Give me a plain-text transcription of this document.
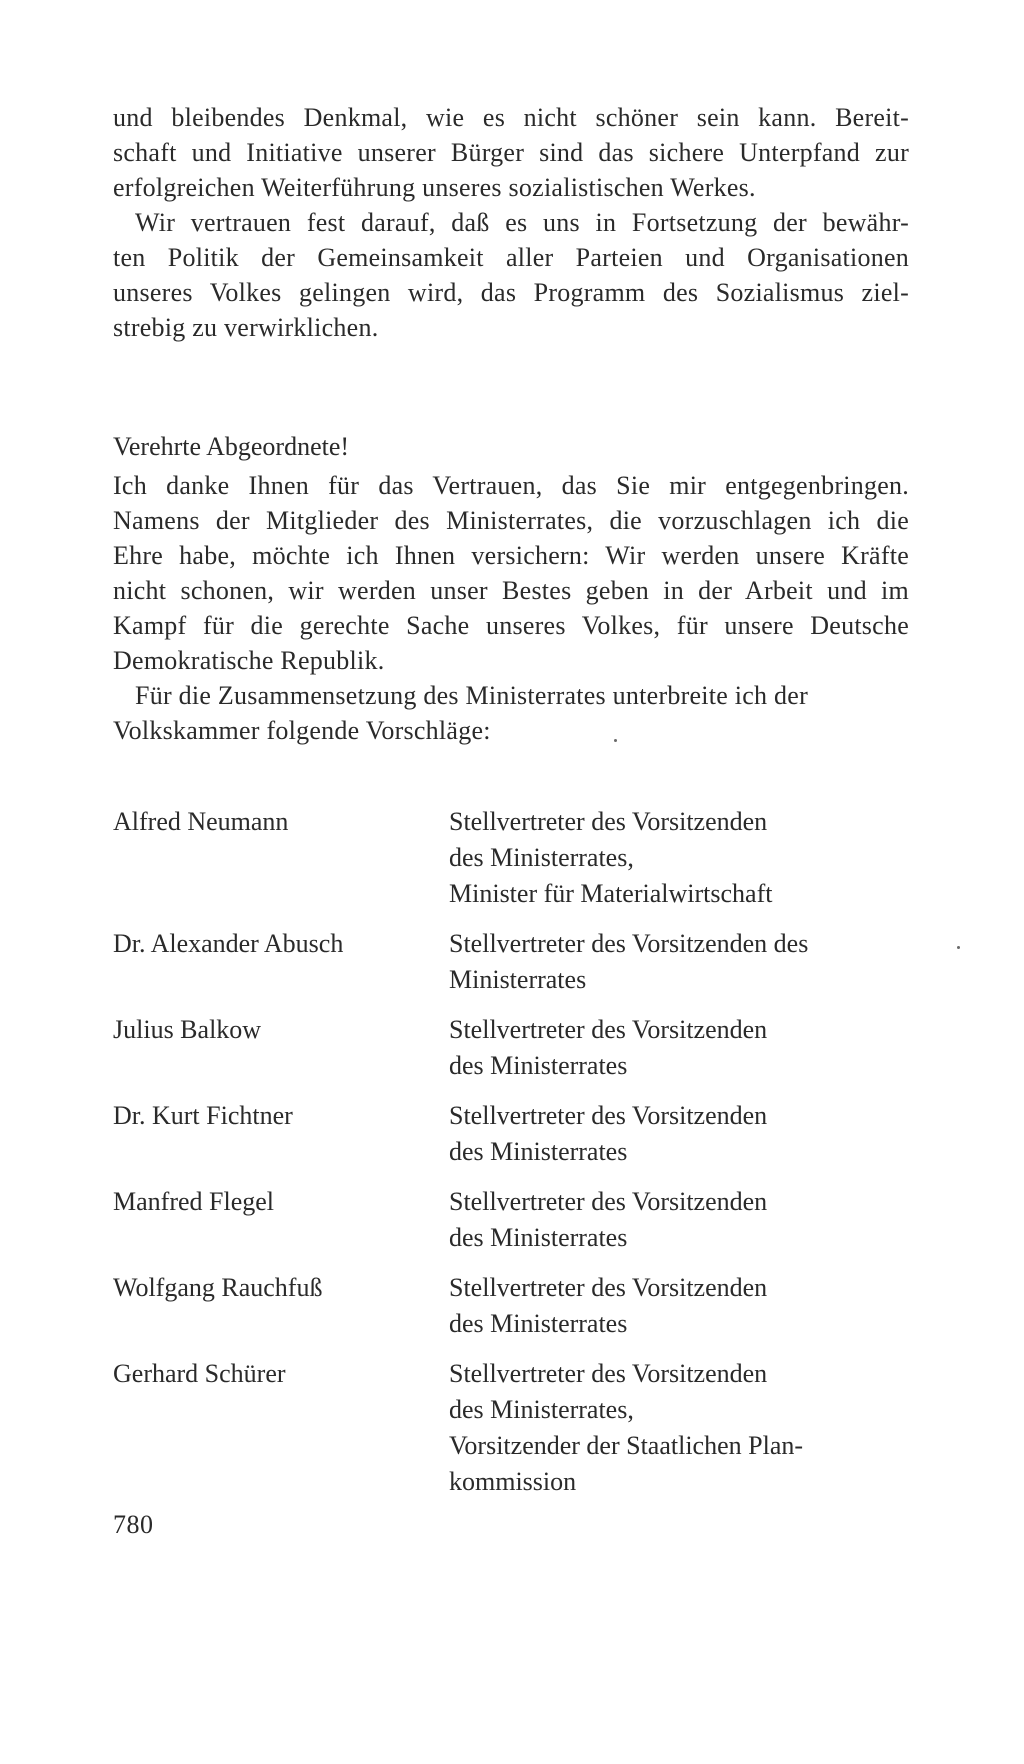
und bleibendes Denkmal, wie es nicht schöner sein kann. Bereit-
schaft und Initiative unserer Bürger sind das sichere Unterpfand zur
erfolgreichen Weiterführung unseres sozialistischen Werkes.

Wir vertrauen fest darauf, daß es uns in Fortsetzung der bewähr-
ten Politik der Gemeinsamkeit aller Parteien und Organisationen
unseres Volkes gelingen wird, das Programm des Sozialismus ziel-
strebig zu verwirklichen.

Verehrte Abgeordnete!

Ich danke Ihnen für das Vertrauen, das Sie mir entgegenbringen.
Namens der Mitglieder des Ministerrates, die vorzuschlagen ich die
Ehre habe, möchte ich Ihnen versichern: Wir werden unsere Kräfte
nicht schonen, wir werden unser Bestes geben in der Arbeit und im
Kampf für die gerechte Sache unseres Volkes, für unsere Deutsche
Demokratische Republik.

Für die Zusammensetzung des Ministerrates unterbreite ich der
Volkskammer folgende Vorschläge:

Alfred Neumann	Stellvertreter des Vorsitzenden
des Ministerrates,
Minister für Materialwirtschaft
Dr. Alexander Abusch	Stellvertreter des Vorsitzenden des
Ministerrates
Julius Balkow	Stellvertreter des Vorsitzenden
des Ministerrates
Dr. Kurt Fichtner	Stellvertreter des Vorsitzenden
des Ministerrates
Manfred Flegel	Stellvertreter des Vorsitzenden
des Ministerrates
Wolfgang Rauchfuß	Stellvertreter des Vorsitzenden
des Ministerrates
Gerhard Schürer	Stellvertreter des Vorsitzenden
des Ministerrates,
Vorsitzender der Staatlichen Plan-
kommission
780
